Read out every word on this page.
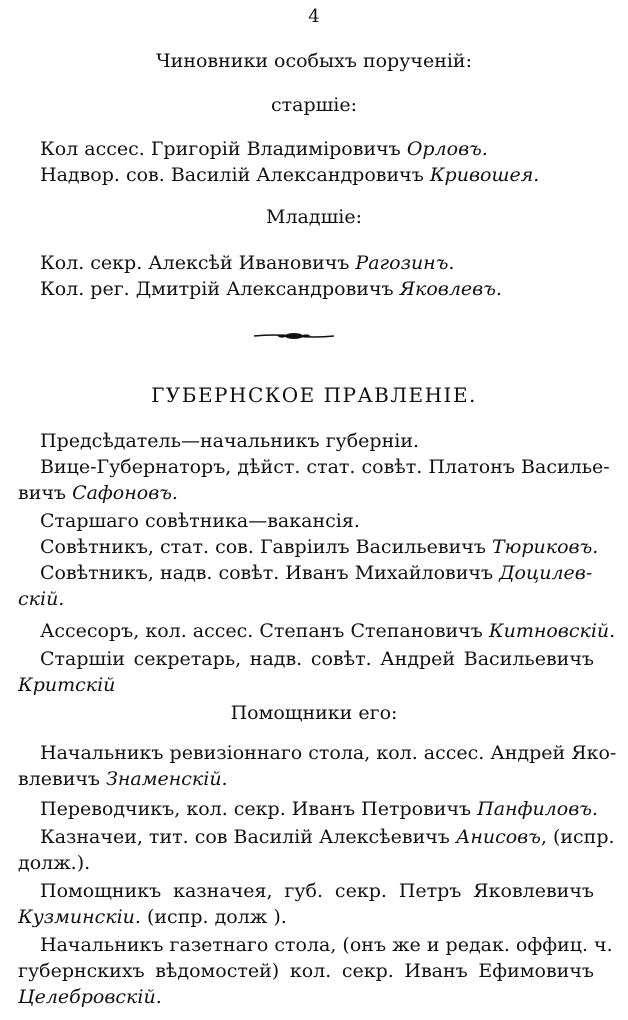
4
Чиновники особыхъ порученій:
старшіе:
Кол ассес. Григорій Владиміровичъ Орловъ.
Надвор. сов. Василій Александровичъ Кривошея.
Младшіе:
Кол. секр. Алексѣй Ивановичъ Рагозинъ.
Кол. рег. Дмитрій Александровичъ Яковлевъ.
ГУБЕРНСКОЕ ПРАВЛЕНІЕ.
Предсѣдатель—начальникъ губерніи.
Вице-Губернаторъ, дѣйст. стат. совѣт. Платонъ Василье-
вичъ Сафоновъ.
Старшаго совѣтника—вакансія.
Совѣтникъ, стат. сов. Гавріилъ Васильевичъ Тюриковъ.
Совѣтникъ, надв. совѣт. Иванъ Михайловичъ Доцилев-
скій.
Ассесоръ, кол. ассес. Степанъ Степановичъ Китновскій.
Старшіи секретарь, надв. совѣт. Андрей Васильевичъ
Критскій
Помощники его:
Начальникъ ревизіоннаго стола, кол. ассес. Андрей Яко-
влевичъ Знаменскій.
Переводчикъ, кол. секр. Иванъ Петровичъ Панфиловъ.
Казначеи, тит. сов Василій Алексѣевичъ Анисовъ, (испр.
долж.).
Помощникъ казначея, губ. секр. Петръ Яковлевичъ
Кузминскіи. (испр. долж ).
Начальникъ газетнаго стола, (онъ же и редак. оффиц. ч.
губернскихъ вѣдомостей) кол. секр. Иванъ Ефимовичъ
Целебровскій.
